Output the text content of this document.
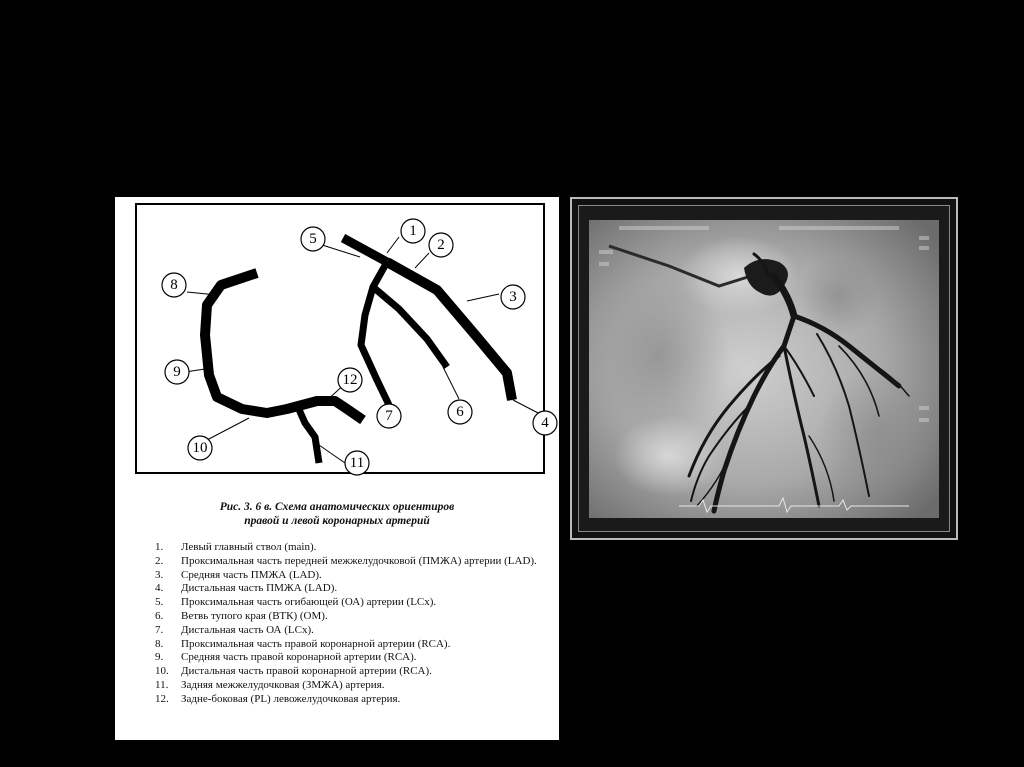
1
2
3
4
5
6
7
8
9
10
11
12
Рис. 3. 6 в. Схема анатомических ориентиров
правой и левой коронарных артерий
1.	Левый главный ствол (main).
2.	Проксимальная часть передней межжелудочковой (ПМЖА) артерии (LAD).
3.	Средняя часть ПМЖА (LAD).
4.	Дистальная часть ПМЖА (LAD).
5.	Проксимальная часть огибающей (ОА) артерии (LCx).
6.	Ветвь тупого края (ВТК) (ОМ).
7.	Дистальная часть ОА (LCx).
8.	Проксимальная часть правой коронарной артерии (RCA).
9.	Средняя часть правой коронарной артерии (RCA).
10.	Дистальная часть правой коронарной артерии (RCA).
11.	Задняя межжелудочковая (ЗМЖА) артерия.
12.	Задне-боковая (PL) левожелудочковая артерия.
